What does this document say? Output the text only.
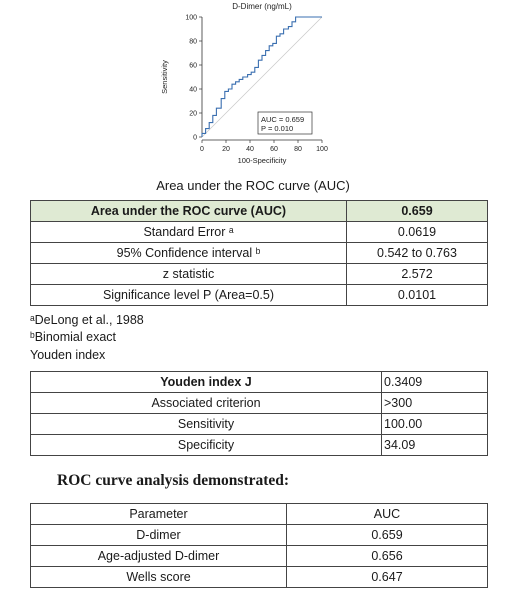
D-Dimer (ng/mL)
0
20
40
60
80
100
0	20 40 60 80 100
AUC = 0.659
P = 0.010
100-Specificity
Sensitivity
Area under the ROC curve (AUC)
Area under the ROC curve (AUC)	0.659
Standard Error ᵃ	0.0619
95% Confidence interval ᵇ	0.542 to 0.763
z statistic	2.572
Significance level P (Area=0.5)	0.0101
ᵃDeLong et al., 1988
ᵇBinomial exact
Youden index
Youden index J	0.3409
Associated criterion	>300
Sensitivity	100.00
Specificity	34.09
ROC curve analysis demonstrated:
Parameter	AUC
D-dimer	0.659
Age-adjusted D-dimer	0.656
Wells score	0.647
